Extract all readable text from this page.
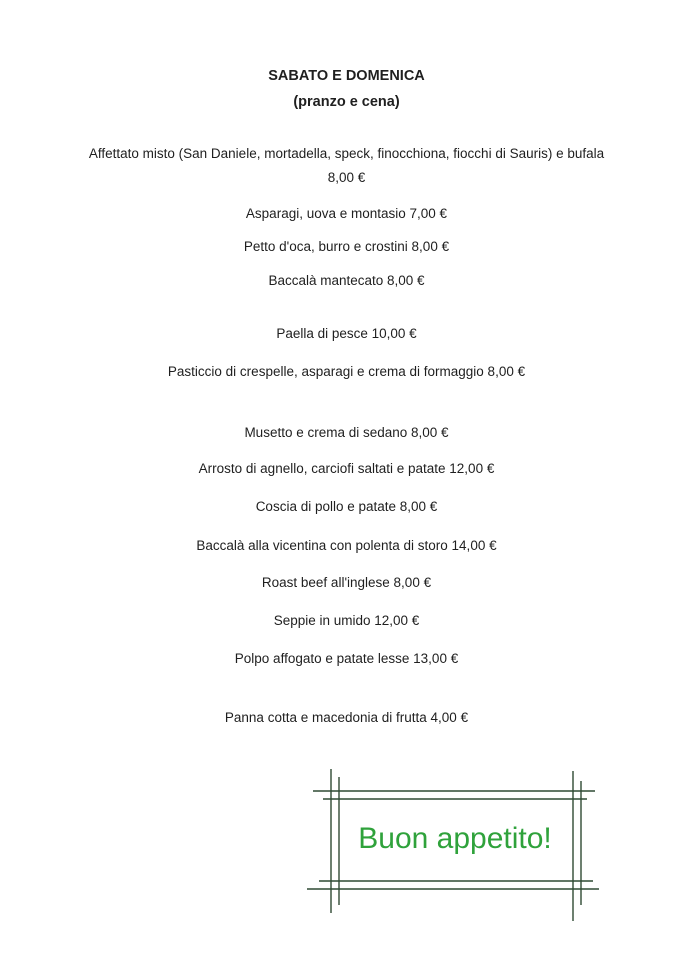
SABATO E DOMENICA
(pranzo e cena)
Affettato misto (San Daniele, mortadella, speck, finocchiona, fiocchi di Sauris) e bufala
8,00 €
Asparagi, uova e montasio 7,00 €
Petto d'oca, burro e crostini 8,00 €
Baccalà mantecato 8,00 €
Paella di pesce 10,00 €
Pasticcio di crespelle, asparagi e crema di formaggio 8,00 €
Musetto e crema di sedano 8,00 €
Arrosto di agnello, carciofi saltati e patate 12,00 €
Coscia di pollo e patate 8,00 €
Baccalà alla vicentina con polenta di storo 14,00 €
Roast beef all'inglese 8,00 €
Seppie in umido 12,00 €
Polpo affogato e patate lesse 13,00 €
Panna cotta e macedonia di frutta 4,00 €
Buon appetito!
